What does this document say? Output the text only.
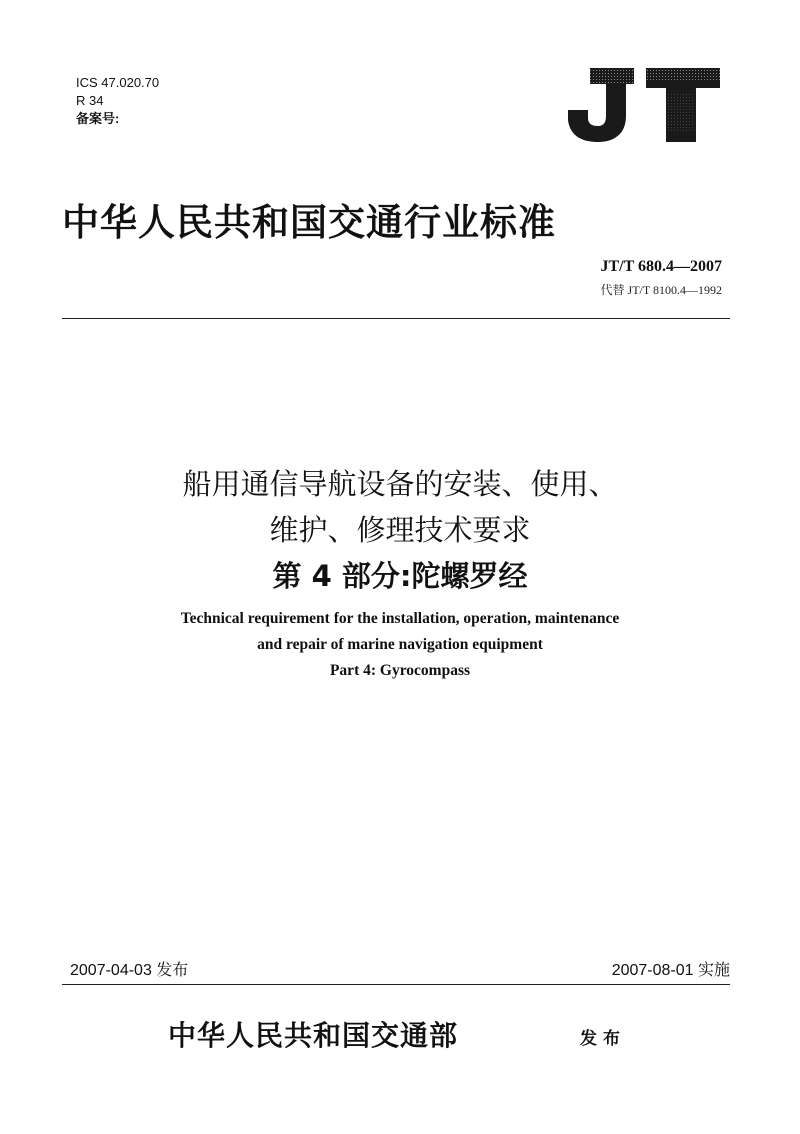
ICS 47.020.70
R 34
备案号:
中华人民共和国交通行业标准
JT/T 680.4—2007
代替 JT/T 8100.4—1992
船用通信导航设备的安装、使用、
维护、修理技术要求
第 4 部分:陀螺罗经
Technical requirement for the installation, operation, maintenance
and repair of marine navigation equipment
Part 4: Gyrocompass
2007-04-03 发布	2007-08-01 实施
中华人民共和国交通部	发布
